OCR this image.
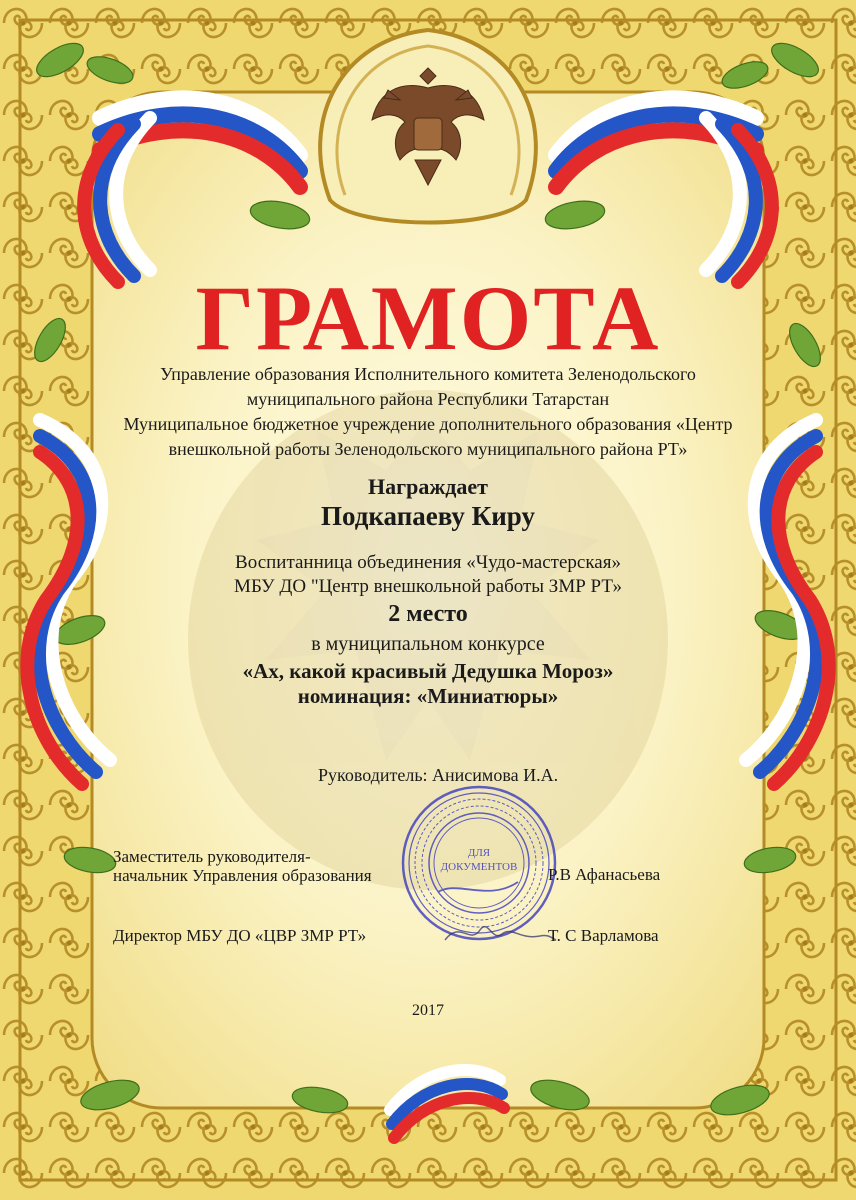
ГРАМОТА
Управление образования Исполнительного комитета Зеленодольского
муниципального района Республики Татарстан
Муниципальное бюджетное учреждение дополнительного образования «Центр
внешкольной работы Зеленодольского муниципального района РТ»
Награждает
Подкапаеву Киру
Воспитанница объединения «Чудо-мастерская»
МБУ ДО "Центр внешкольной работы ЗМР РТ»
2 место
в муниципальном конкурсе
«Ах, какой красивый Дедушка Мороз»
номинация: «Миниатюры»
Руководитель: Анисимова И.А.
ДЛЯ
ДОКУМЕНТОВ
Заместитель руководителя-
начальник Управления образования	Р.В Афанасьева
Директор МБУ ДО «ЦВР ЗМР РТ»	Т. С Варламова
2017
